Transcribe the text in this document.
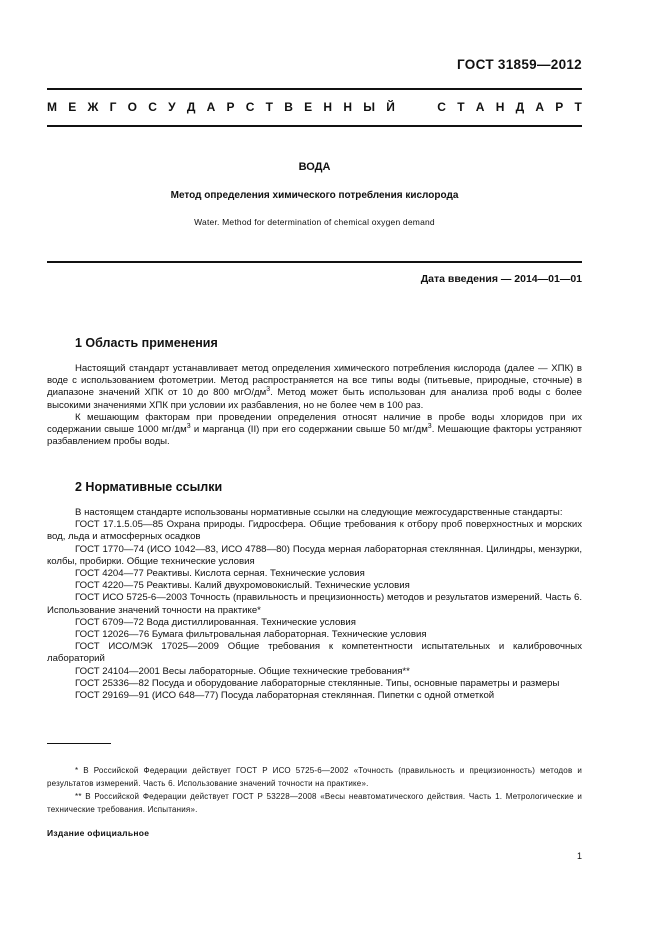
ГОСТ 31859—2012
М Е Ж Г О С У Д А Р С Т В Е Н Н Ы Й	С Т А Н Д А Р Т
ВОДА
Метод определения химического потребления кислорода
Water. Method for determination of chemical oxygen demand
Дата введения — 2014—01—01
1 Область применения

Настоящий стандарт устанавливает метод определения химического потребления кислорода (далее — ХПК) в воде с использованием фотометрии. Метод распространяется на все типы воды (питьевые, природные, сточные) в диапазоне значений ХПК от 10 до 800 мгО/$дм^3$. Метод может быть использован для анализа проб воды с более высокими значениями ХПК при условии их разбавления, но не более чем в 100 раз.

К мешающим факторам при проведении определения относят наличие в пробе воды хлоридов при их содержании свыше 1000 $мг/дм^3$ и марганца (II) при его содержании свыше 50 $мг/дм^3$. Мешающие факторы устраняют разбавлением пробы воды.

2 Нормативные ссылки

В настоящем стандарте использованы нормативные ссылки на следующие межгосударственные стандарты:

ГОСТ 17.1.5.05—85 Охрана природы. Гидросфера. Общие требования к отбору проб поверхностных и морских вод, льда и атмосферных осадков

ГОСТ 1770—74 (ИСО 1042—83, ИСО 4788—80) Посуда мерная лабораторная стеклянная. Цилиндры, мензурки, колбы, пробирки. Общие технические условия

ГОСТ 4204—77 Реактивы. Кислота серная. Технические условия

ГОСТ 4220—75 Реактивы. Калий двухромовокислый. Технические условия

ГОСТ ИСО 5725-6—2003 Точность (правильность и прецизионность) методов и результатов измерений. Часть 6. Использование значений точности на практике*

ГОСТ 6709—72 Вода дистиллированная. Технические условия

ГОСТ 12026—76 Бумага фильтровальная лабораторная. Технические условия

ГОСТ ИСО/МЭК 17025—2009 Общие требования к компетентности испытательных и калибровочных лабораторий

ГОСТ 24104—2001 Весы лабораторные. Общие технические требования**

ГОСТ 25336—82 Посуда и оборудование лабораторные стеклянные. Типы, основные параметры и размеры

ГОСТ 29169—91 (ИСО 648—77) Посуда лабораторная стеклянная. Пипетки с одной отметкой

* В Российской Федерации действует ГОСТ Р ИСО 5725-6—2002 «Точность (правильность и прецизионность) методов и результатов измерений. Часть 6. Использование значений точности на практике».

** В Российской Федерации действует ГОСТ Р 53228—2008 «Весы неавтоматического действия. Часть 1. Метрологические и технические требования. Испытания».

Издание официальное
1
